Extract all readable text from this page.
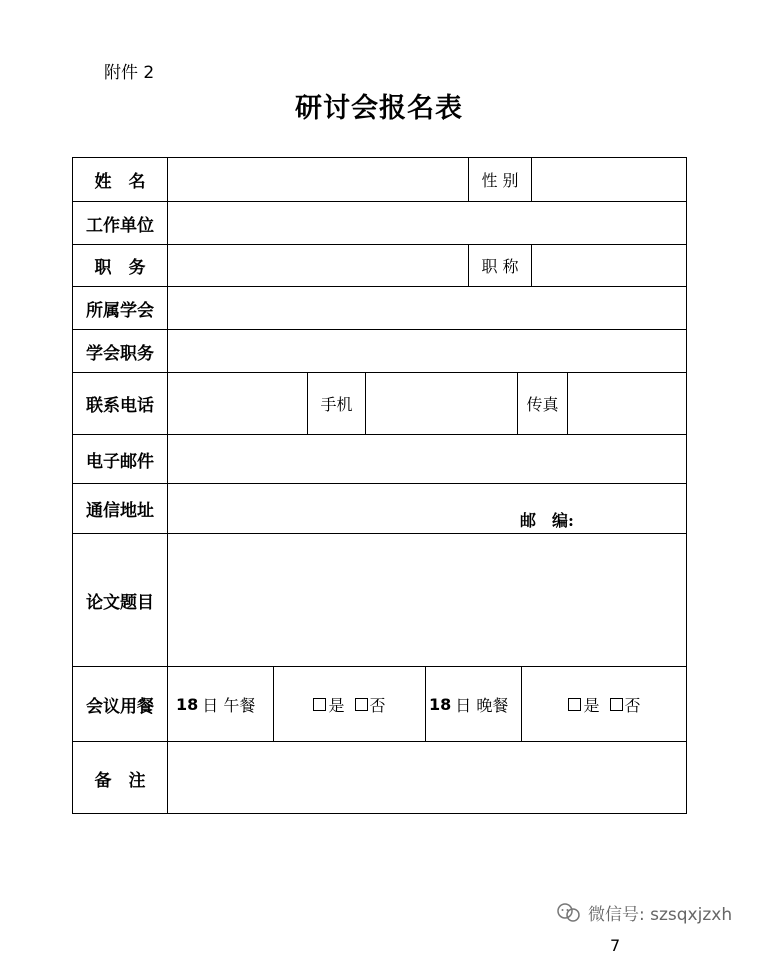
附件 2
研讨会报名表
姓　名	性 别
工作单位
职　务	职 称
所属学会
学会职务
联系电话	手机	传真
电子邮件
通信地址	邮　编:
论文题目
会议用餐	18 日 午餐	是 否	18 日 晚餐	是 否
备　注
微信号: szsqxjzxh
7
